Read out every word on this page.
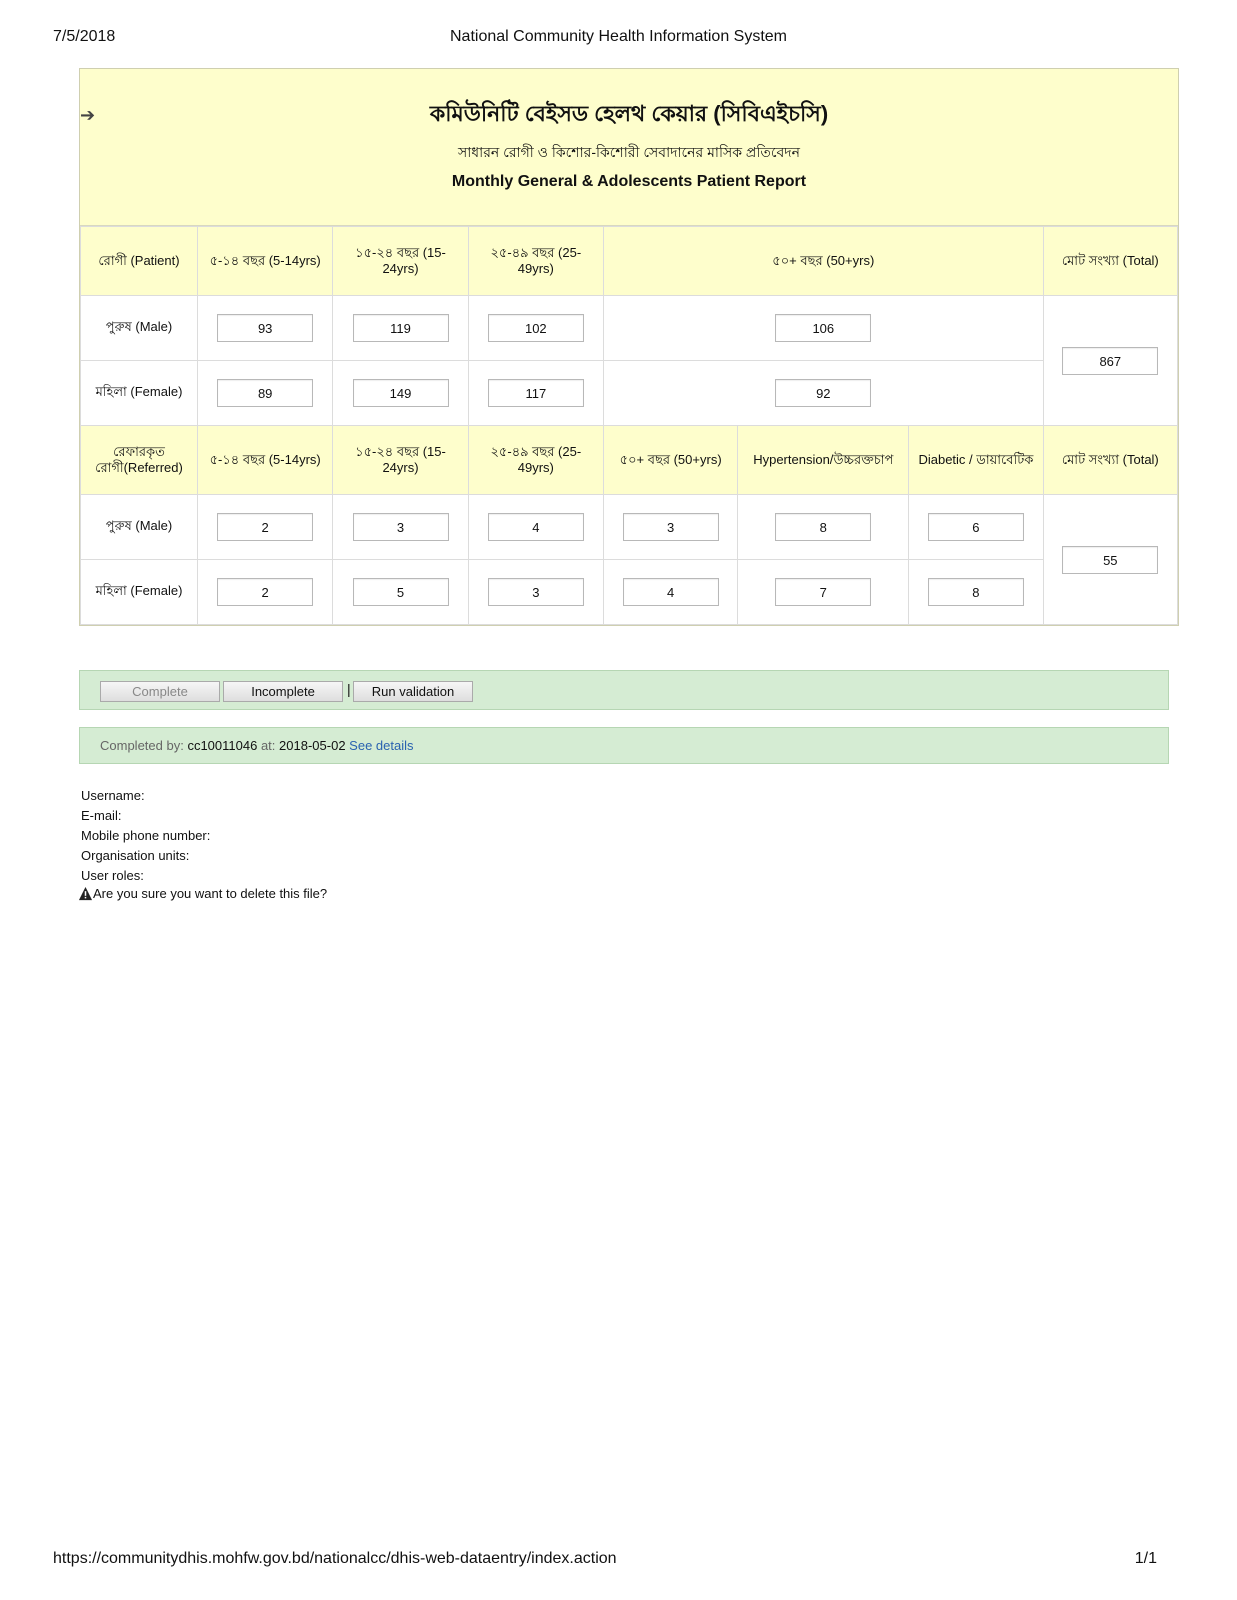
7/5/2018	National Community Health Information System
➔	কমিউনিটি বেইসড হেলথ কেয়ার (সিবিএইচসি)
সাধারন রোগী ও কিশোর-কিশোরী সেবাদানের মাসিক প্রতিবেদন
Monthly General & Adolescents Patient Report
রোগী (Patient)	৫-১৪ বছর (5-14yrs)	১৫-২৪ বছর (15-24yrs)	২৫-৪৯ বছর (25-49yrs)	৫০+ বছর (50+yrs)			মোট সংখ্যা (Total)
পুরুষ (Male)	93	119	102	106			867
মহিলা (Female)	89	149	117	92			
রেফারকৃত রোগী(Referred)	৫-১৪ বছর (5-14yrs)	১৫-২৪ বছর (15-24yrs)	২৫-৪৯ বছর (25-49yrs)	৫০+ বছর (50+yrs)	Hypertension/উচ্চরক্তচাপ	Diabetic / ডায়াবেটিক	মোট সংখ্যা (Total)
পুরুষ (Male)	2	3	4	3	8	6	55
মহিলা (Female)	2	5	3	4	7	8	
Complete	Incomplete	|	Run validation
Completed by: cc10011046 at: 2018-05-02 See details
Username:
E-mail:
Mobile phone number:
Organisation units:
User roles:
Are you sure you want to delete this file?
https://communitydhis.mohfw.gov.bd/nationalcc/dhis-web-dataentry/index.action	1/1
